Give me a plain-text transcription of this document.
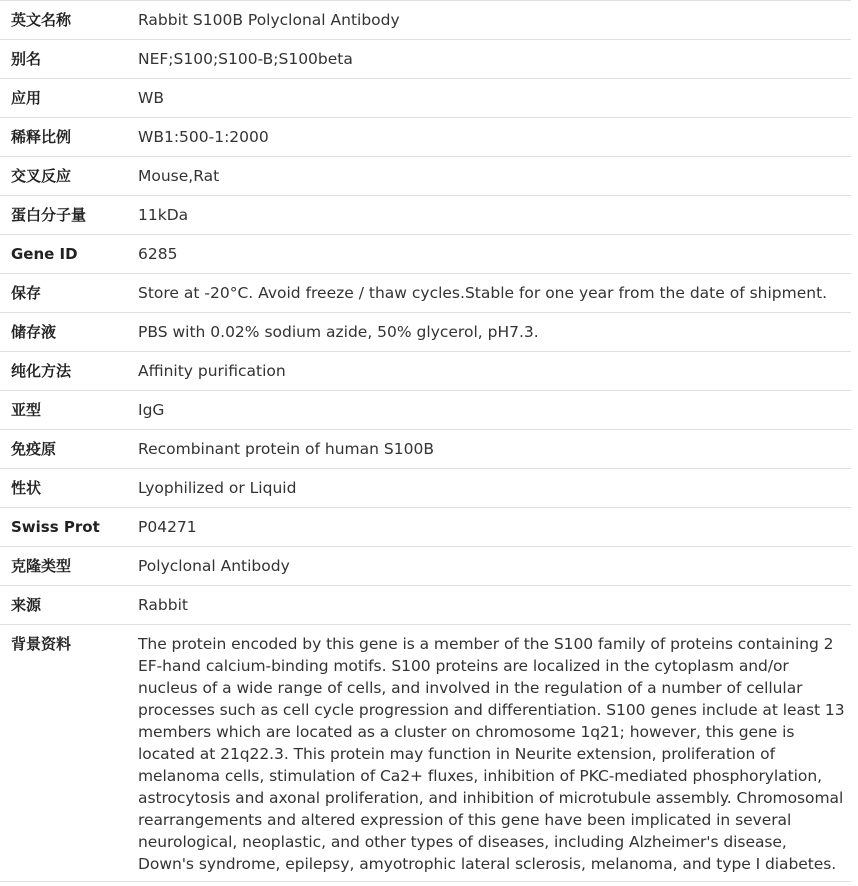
英文名称	Rabbit S100B Polyclonal Antibody
别名	NEF;S100;S100-B;S100beta
应用	WB
稀释比例	WB1:500-1:2000
交叉反应	Mouse,Rat
蛋白分子量	11kDa
Gene ID	6285
保存	Store at -20°C. Avoid freeze / thaw cycles.Stable for one year from the date of shipment.
储存液	PBS with 0.02% sodium azide, 50% glycerol, pH7.3.
纯化方法	Affinity purification
亚型	IgG
免疫原	Recombinant protein of human S100B
性状	Lyophilized or Liquid
Swiss Prot	P04271
克隆类型	Polyclonal Antibody
来源	Rabbit
背景资料	The protein encoded by this gene is a member of the S100 family of proteins containing 2 EF-hand calcium-binding motifs. S100 proteins are localized in the cytoplasm and/or nucleus of a wide range of cells, and involved in the regulation of a number of cellular processes such as cell cycle progression and differentiation. S100 genes include at least 13 members which are located as a cluster on chromosome 1q21; however, this gene is located at 21q22.3. This protein may function in Neurite extension, proliferation of melanoma cells, stimulation of Ca2+ fluxes, inhibition of PKC-mediated phosphorylation, astrocytosis and axonal proliferation, and inhibition of microtubule assembly. Chromosomal rearrangements and altered expression of this gene have been implicated in several neurological, neoplastic, and other types of diseases, including Alzheimer's disease, Down's syndrome, epilepsy, amyotrophic lateral sclerosis, melanoma, and type I diabetes.
